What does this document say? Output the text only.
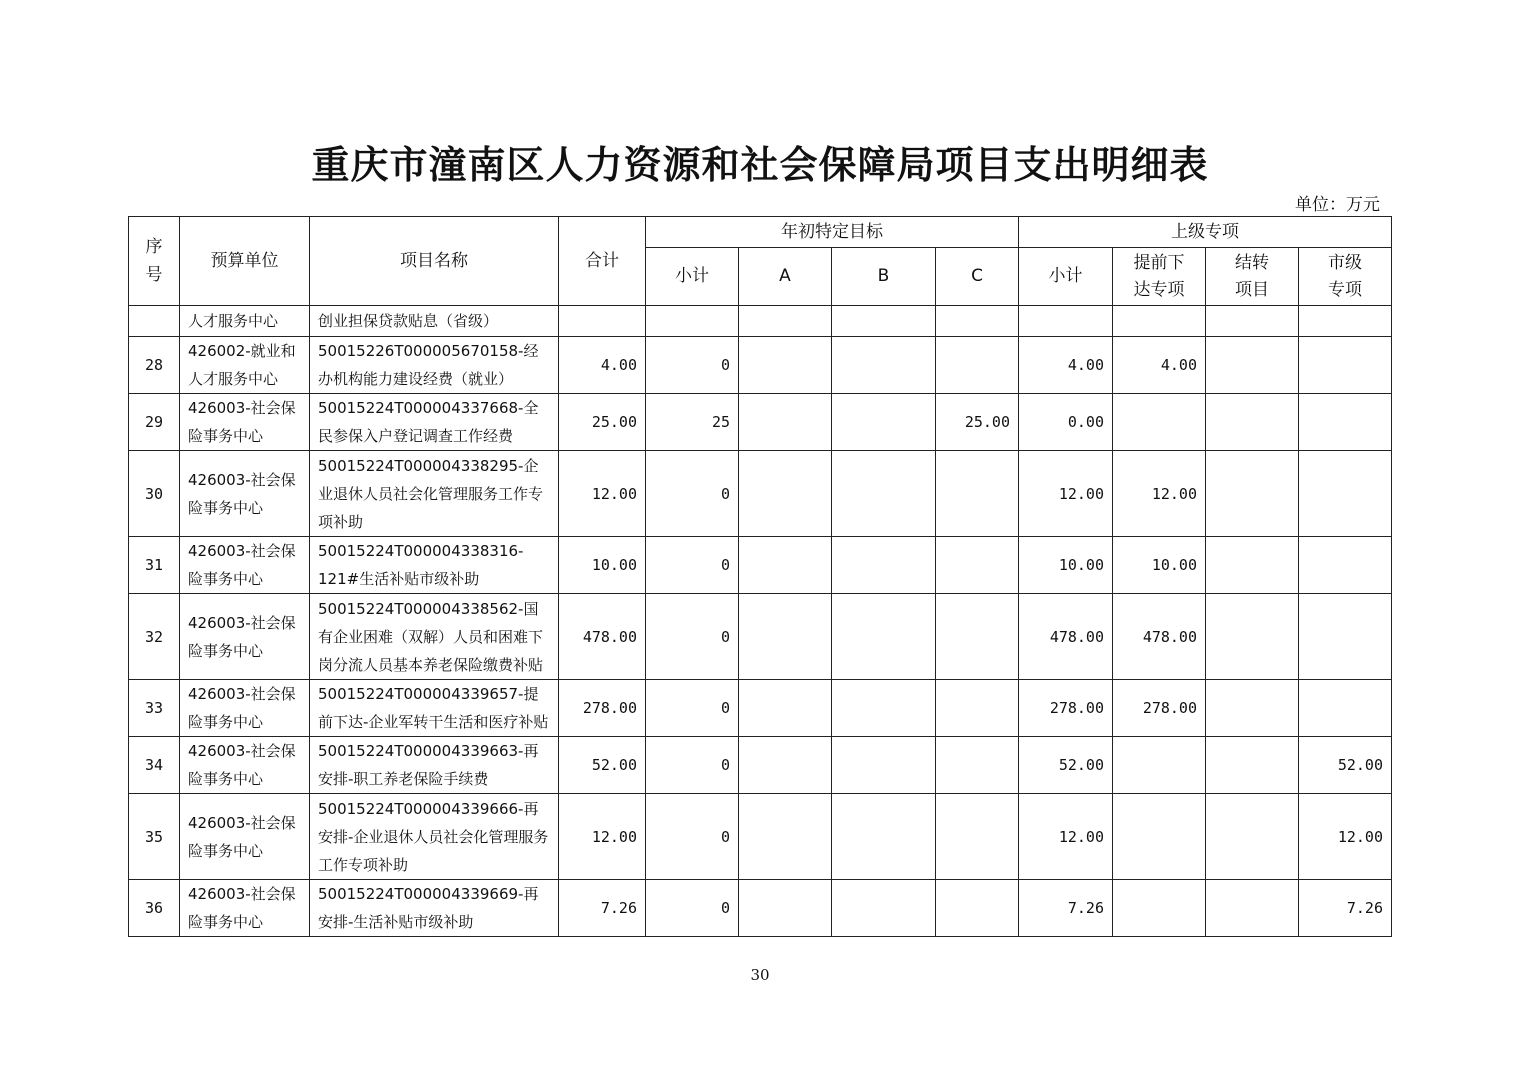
重庆市潼南区人力资源和社会保障局项目支出明细表
单位：万元
序号	预算单位	项目名称	合计	年初特定目标				上级专项			
				小计	A	B	C	小计	提前下达专项	结转项目	市级专项
	人才服务中心	创业担保贷款贴息（省级）									
28	426002-就业和人才服务中心	50015226T000005670158-经办机构能力建设经费（就业）	4.00	0				4.00	4.00		
29	426003-社会保险事务中心	50015224T000004337668-全民参保入户登记调查工作经费	25.00	25			25.00	0.00			
30	426003-社会保险事务中心	50015224T000004338295-企业退休人员社会化管理服务工作专项补助	12.00	0				12.00	12.00		
31	426003-社会保险事务中心	50015224T000004338316-121#生活补贴市级补助	10.00	0				10.00	10.00		
32	426003-社会保险事务中心	50015224T000004338562-国有企业困难（双解）人员和困难下岗分流人员基本养老保险缴费补贴	478.00	0				478.00	478.00		
33	426003-社会保险事务中心	50015224T000004339657-提前下达-企业军转干生活和医疗补贴	278.00	0				278.00	278.00		
34	426003-社会保险事务中心	50015224T000004339663-再安排-职工养老保险手续费	52.00	0				52.00			52.00
35	426003-社会保险事务中心	50015224T000004339666-再安排-企业退休人员社会化管理服务工作专项补助	12.00	0				12.00			12.00
36	426003-社会保险事务中心	50015224T000004339669-再安排-生活补贴市级补助	7.26	0				7.26			7.26
30
